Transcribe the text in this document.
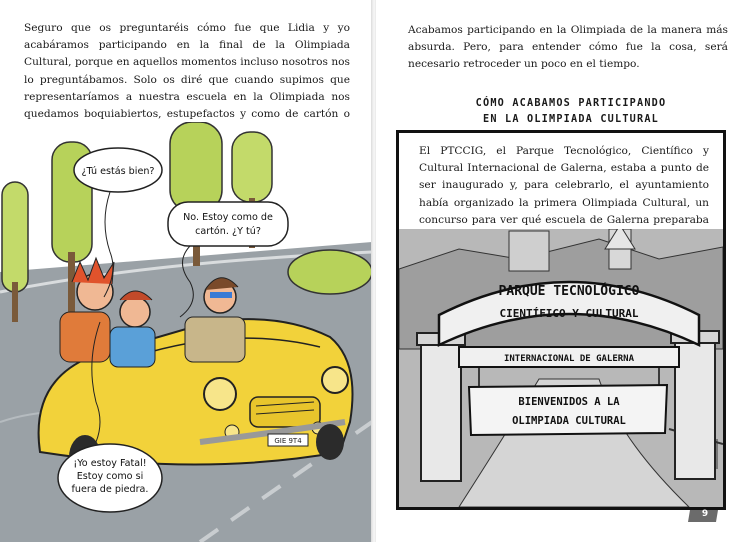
Seguro que os preguntaréis cómo fue que Lidia y yo acabáramos participando en la final de la Olimpiada Cultural, porque en aquellos momentos incluso nosotros nos lo preguntábamos. Solo os diré que cuando supimos que representaríamos a nuestra escuela en la Olimpiada nos quedamos boquiabiertos, estupefactos y como de cartón o

GIE 9T4
¿Tú estás bien?
No. Estoy como de
cartón. ¿Y tú?
¡Yo estoy Fatal!
Estoy como si
fuera de piedra.

Acabamos participando en la Olimpiada de la manera más absurda. Pero, para entender cómo fue la cosa, será necesario retroceder un poco en el tiempo.

CÓMO ACABAMOS PARTICIPANDO
EN LA OLIMPIADA CULTURAL

El PTCCIG, el Parque Tecnológico, Científico y Cultural Internacional de Galerna, estaba a punto de ser inaugurado y, para celebrarlo, el ayuntamiento había organizado la primera Olimpiada Cultural, un concurso para ver qué escuela de Galerna preparaba

PARQUE TECNOLÓGICO
CIENTÍFICO Y CULTURAL
INTERNACIONAL DE GALERNA
BIENVENIDOS A LA
OLIMPIADA CULTURAL
9
